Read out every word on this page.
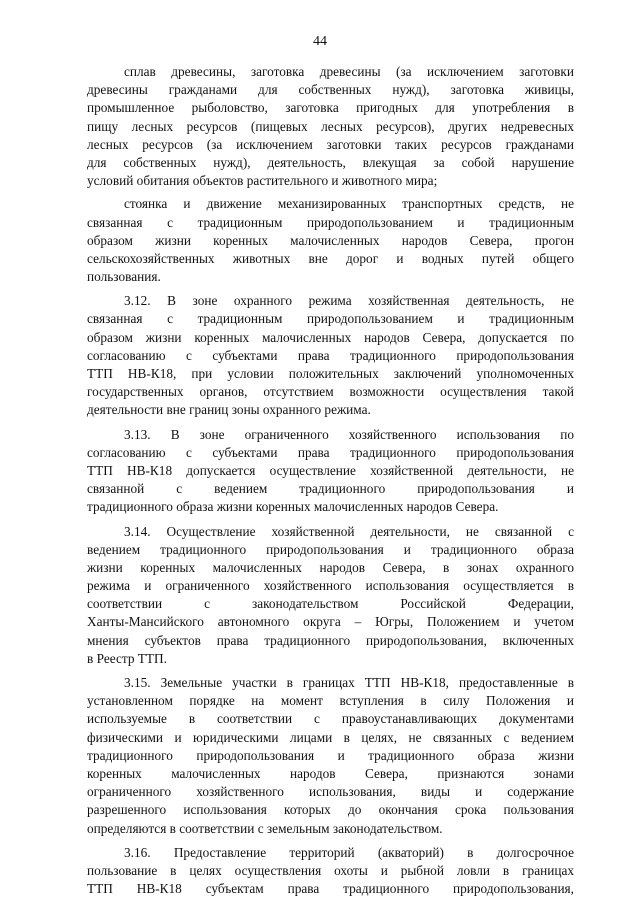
44

сплав древесины, заготовка древесины (за исключением заготовки
древесины гражданами для собственных нужд), заготовка живицы,
промышленное рыболовство, заготовка пригодных для употребления в
пищу лесных ресурсов (пищевых лесных ресурсов), других недревесных
лесных ресурсов (за исключением заготовки таких ресурсов гражданами
для собственных нужд), деятельность, влекущая за собой нарушение
условий обитания объектов растительного и животного мира;

стоянка и движение механизированных транспортных средств, не
связанная с традиционным природопользованием и традиционным
образом жизни коренных малочисленных народов Севера, прогон
сельскохозяйственных животных вне дорог и водных путей общего
пользования.

3.12. В зоне охранного режима хозяйственная деятельность, не
связанная с традиционным природопользованием и традиционным
образом жизни коренных малочисленных народов Севера, допускается по
согласованию с субъектами права традиционного природопользования
ТТП НВ-К18, при условии положительных заключений уполномоченных
государственных органов, отсутствием возможности осуществления такой
деятельности вне границ зоны охранного режима.

3.13. В зоне ограниченного хозяйственного использования по
согласованию с субъектами права традиционного природопользования
ТТП НВ-К18 допускается осуществление хозяйственной деятельности, не
связанной с ведением традиционного природопользования и
традиционного образа жизни коренных малочисленных народов Севера.

3.14. Осуществление хозяйственной деятельности, не связанной с
ведением традиционного природопользования и традиционного образа
жизни коренных малочисленных народов Севера, в зонах охранного
режима и ограниченного хозяйственного использования осуществляется в
соответствии с законодательством Российской Федерации,
Ханты-Мансийского автономного округа – Югры, Положением и учетом
мнения субъектов права традиционного природопользования, включенных
в Реестр ТТП.

3.15. Земельные участки в границах ТТП НВ-К18, предоставленные в
установленном порядке на момент вступления в силу Положения и
используемые в соответствии с правоустанавливающих документами
физическими и юридическими лицами в целях, не связанных с ведением
традиционного природопользования и традиционного образа жизни
коренных малочисленных народов Севера, признаются зонами
ограниченного хозяйственного использования, виды и содержание
разрешенного использования которых до окончания срока пользования
определяются в соответствии с земельным законодательством.

3.16. Предоставление территорий (акваторий) в долгосрочное
пользование в целях осуществления охоты и рыбной ловли в границах
ТТП НВ-К18 субъектам права традиционного природопользования,
